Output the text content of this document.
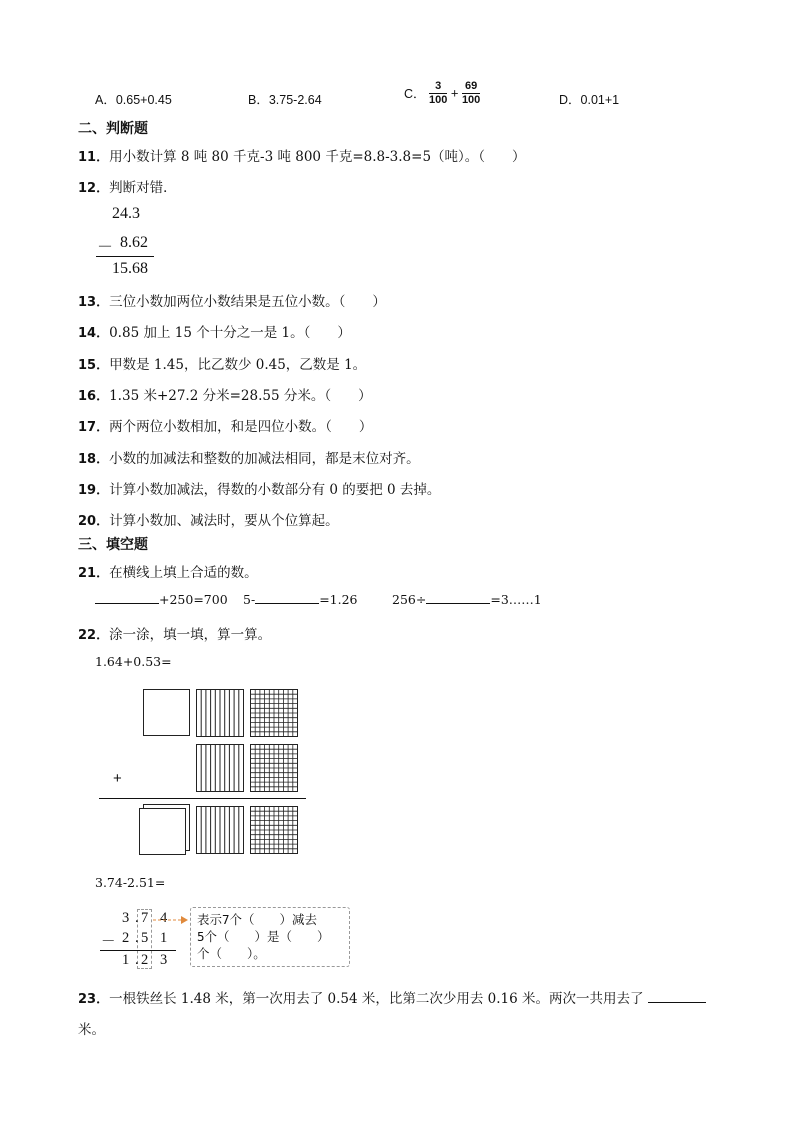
A．0.65+0.45	B．3.75-2.64	C． $\frac{3}{100} + \frac{69}{100}$	D．0.01+1
二、判断题
11．用小数计算 8 吨 80 千克-3 吨 800 千克=8.8-3.8=5（吨）。（　　）
12．判断对错．
24.3
－ 8.62
15.68
13．三位小数加两位小数结果是五位小数。（　　）
14．0.85 加上 15 个十分之一是 1。（　　）
15．甲数是 1.45，比乙数少 0.45，乙数是 1。
16．1.35 米+27.2 分米=28.55 分米。（　　）
17．两个两位小数相加，和是四位小数。（　　）
18．小数的加减法和整数的加减法相同，都是末位对齐。
19．计算小数加减法，得数的小数部分有 0 的要把 0 去掉。
20．计算小数加、减法时，要从个位算起。
三、填空题
21．在横线上填上合适的数。
+250=700 5-	=1.26	256÷	=3……1
22．涂一涂，填一填，算一算。
1.64+0.53=
+
3.74-2.51=
3 . 7 4
－ 2 . 5 1
1 . 2 3
表示7个（　　）减去
5个（　　）是（　　）
个（　　）。
23．一根铁丝长 1.48 米，第一次用去了 0.54 米，比第二次少用去 0.16 米。两次一共用去了
米。
